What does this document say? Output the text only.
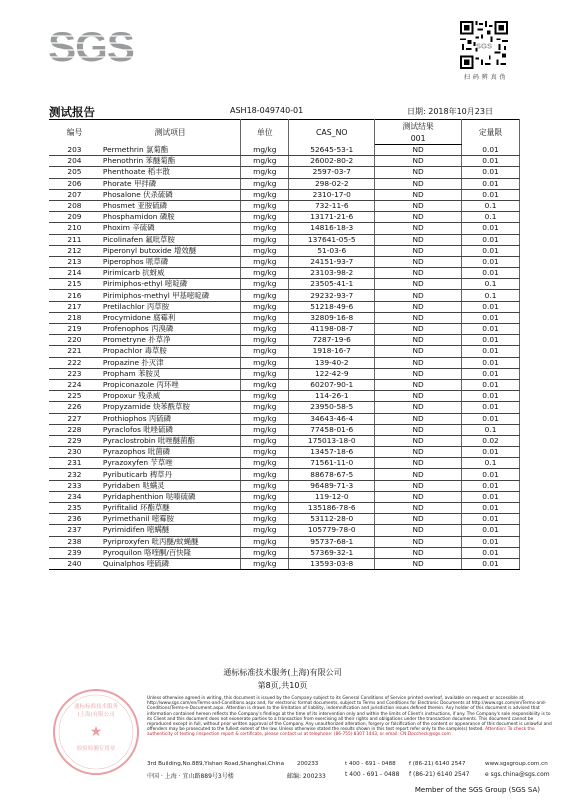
SGS	SGS
扫 码 辨 真 伪
测试报告	ASH18-049740-01	日期: 2018年10月23日
编号	测试项目	单位	CAS_NO	测试结果	定量限
				001	
203	Permethrin 氯菊酯	mg/kg	52645-53-1	ND	0.01
204	Phenothrin 苯醚菊酯	mg/kg	26002-80-2	ND	0.01
205	Phenthoate 稻丰散	mg/kg	2597-03-7	ND	0.01
206	Phorate 甲拌磷	mg/kg	298-02-2	ND	0.01
207	Phosalone 伏杀硫磷	mg/kg	2310-17-0	ND	0.01
208	Phosmet 亚胺硫磷	mg/kg	732-11-6	ND	0.1
209	Phosphamidon 磷胺	mg/kg	13171-21-6	ND	0.1
210	Phoxim 辛硫磷	mg/kg	14816-18-3	ND	0.01
211	Picolinafen 氟吡草胺	mg/kg	137641-05-5	ND	0.01
212	Piperonyl butoxide 增效醚	mg/kg	51-03-6	ND	0.01
213	Piperophos 哌草磷	mg/kg	24151-93-7	ND	0.01
214	Pirimicarb 抗蚜威	mg/kg	23103-98-2	ND	0.01
215	Pirimiphos-ethyl 嘧啶磷	mg/kg	23505-41-1	ND	0.1
216	Pirimiphos-methyl 甲基嘧啶磷	mg/kg	29232-93-7	ND	0.1
217	Pretilachlor 丙草胺	mg/kg	51218-49-6	ND	0.01
218	Procymidone 腐霉利	mg/kg	32809-16-8	ND	0.01
219	Profenophos 丙溴磷	mg/kg	41198-08-7	ND	0.01
220	Prometryne 扑草净	mg/kg	7287-19-6	ND	0.01
221	Propachlor 毒草胺	mg/kg	1918-16-7	ND	0.01
222	Propazine 扑灭津	mg/kg	139-40-2	ND	0.01
223	Propham 苯胺灵	mg/kg	122-42-9	ND	0.01
224	Propiconazole 丙环唑	mg/kg	60207-90-1	ND	0.01
225	Propoxur 残杀威	mg/kg	114-26-1	ND	0.01
226	Propyzamide 炔苯酰草胺	mg/kg	23950-58-5	ND	0.01
227	Prothiophos 丙硫磷	mg/kg	34643-46-4	ND	0.01
228	Pyraclofos 吡唑硫磷	mg/kg	77458-01-6	ND	0.1
229	Pyraclostrobin 吡唑醚菌酯	mg/kg	175013-18-0	ND	0.02
230	Pyrazophos 吡菌磷	mg/kg	13457-18-6	ND	0.01
231	Pyrazoxyfen 苄草唑	mg/kg	71561-11-0	ND	0.1
232	Pyributicarb 稗草丹	mg/kg	88678-67-5	ND	0.01
233	Pyridaben 哒螨灵	mg/kg	96489-71-3	ND	0.01
234	Pyridaphenthion 哒嗪硫磷	mg/kg	119-12-0	ND	0.01
235	Pyrifitalid 环酯草醚	mg/kg	135186-78-6	ND	0.01
236	Pyrimethanil 嘧霉胺	mg/kg	53112-28-0	ND	0.01
237	Pyrimidifen 嘧螨醚	mg/kg	105779-78-0	ND	0.01
238	Pyriproxyfen 吡丙醚/蚊蝇醚	mg/kg	95737-68-1	ND	0.01
239	Pyroquilon 咯喹酮/百快隆	mg/kg	57369-32-1	ND	0.01
240	Quinalphos 喹硫磷	mg/kg	13593-03-8	ND	0.01
通标标准技术服务(上海)有限公司
第8页,共10页
★
检验检测专用章
通标标准技术服务
(上海)有限公司
Unless otherwise agreed in writing, this document is issued by the Company subject to its General Conditions of Service printed overleaf, available on request or accessible at http://www.sgs.com/en/Terms-and-Conditions.aspx and, for electronic format documents, subject to Terms and Conditions for Electronic Documents at http://www.sgs.com/en/Terms-and-Conditions/Terms-e-Document.aspx. Attention is drawn to the limitation of liability, indemnification and jurisdiction issues defined therein. Any holder of this document is advised that information contained hereon reflects the Company's findings at the time of its intervention only and within the limits of Client's instructions, if any. The Company's sole responsibility is to its Client and this document does not exonerate parties to a transaction from exercising all their rights and obligations under the transaction documents. This document cannot be reproduced except in full, without prior written approval of the Company. Any unauthorized alteration, forgery or falsification of the content or appearance of this document is unlawful and offenders may be prosecuted to the fullest extent of the law. Unless otherwise stated the results shown in this test report refer only to the sample(s) tested. Attention: To check the authenticity of testing /inspection report & certificate, please contact us at telephone: (86-755) 8307 1443, or email: CN.Doccheck@sgs.com
3rd Building,No.889,Yishan Road,Shanghai,China 200233	t 400 - 691 - 0488 f (86-21) 6140 2547	www.sgsgroup.com.cn
中国 · 上海 · 宜山路889号3号楼	邮编: 200233	t 400 - 691 - 0488 f (86-21) 6140 2547	e sgs.china@sgs.com
Member of the SGS Group (SGS SA)
